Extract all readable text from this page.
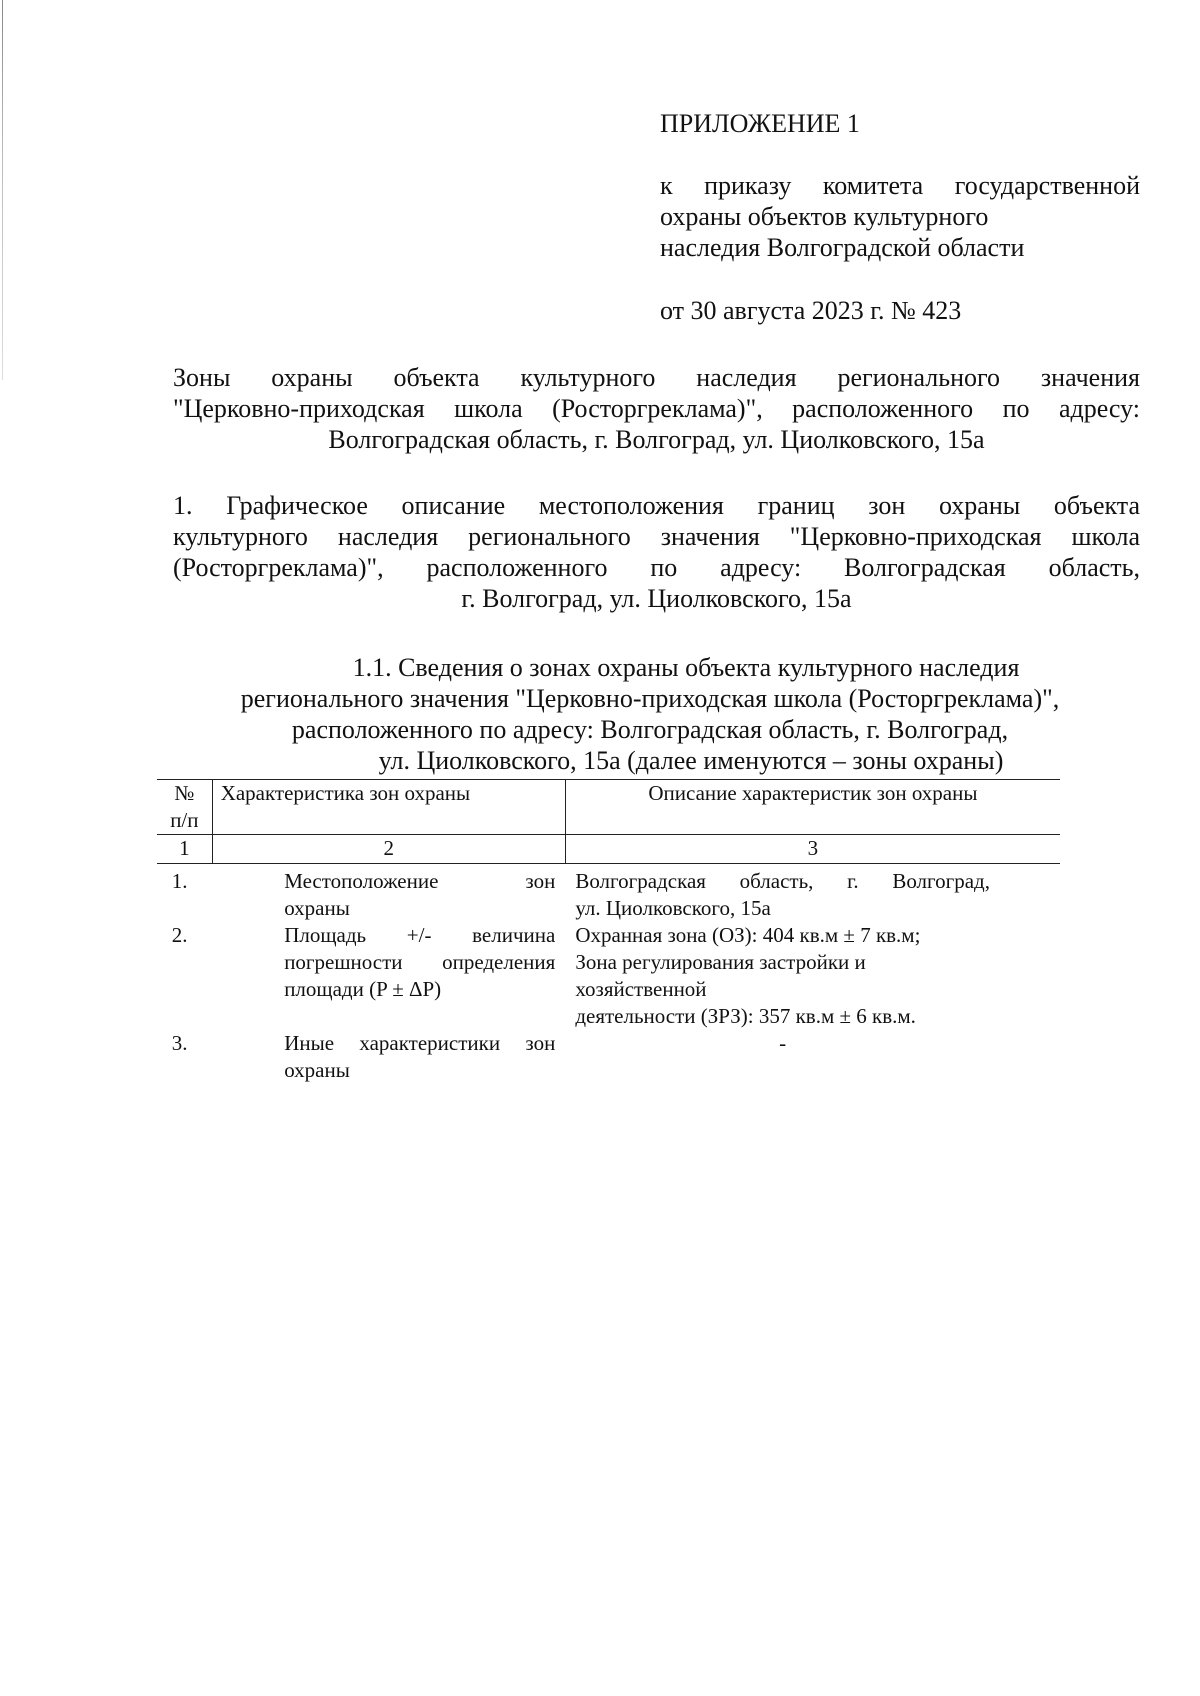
ПРИЛОЖЕНИЕ 1
к приказу комитета государственной
охраны объектов культурного
наследия Волгоградской области
от 30 августа 2023 г. № 423
Зоны охраны объекта культурного наследия регионального значения
"Церковно-приходская школа (Росторгреклама)", расположенного по адресу:
Волгоградская область, г. Волгоград, ул. Циолковского, 15а
1. Графическое описание местоположения границ зон охраны объекта
культурного наследия регионального значения "Церковно-приходская школа
(Росторгреклама)", расположенного по адресу: Волгоградская область,
г. Волгоград, ул. Циолковского, 15а
1.1. Сведения о зонах охраны объекта культурного наследия
регионального значения "Церковно-приходская школа (Росторгреклама)",
расположенного по адресу: Волгоградская область, г. Волгоград,
ул. Циолковского, 15а (далее именуются – зоны охраны)
№
п/п	Характеристика зон охраны	Описание характеристик зон охраны
1	2	3
1.	Местоположение зон
охраны	Волгоградская область, г. Волгоград,
ул. Циолковского, 15а

2.	Площадь +/- величина
погрешности определения
площади (P ± ΔP)	Охранная зона (ОЗ): 404 кв.м ± 7 кв.м;
Зона регулирования застройки и хозяйственной
деятельности (ЗРЗ): 357 кв.м ± 6 кв.м.

3.	Иные характеристики зон
охраны	-
